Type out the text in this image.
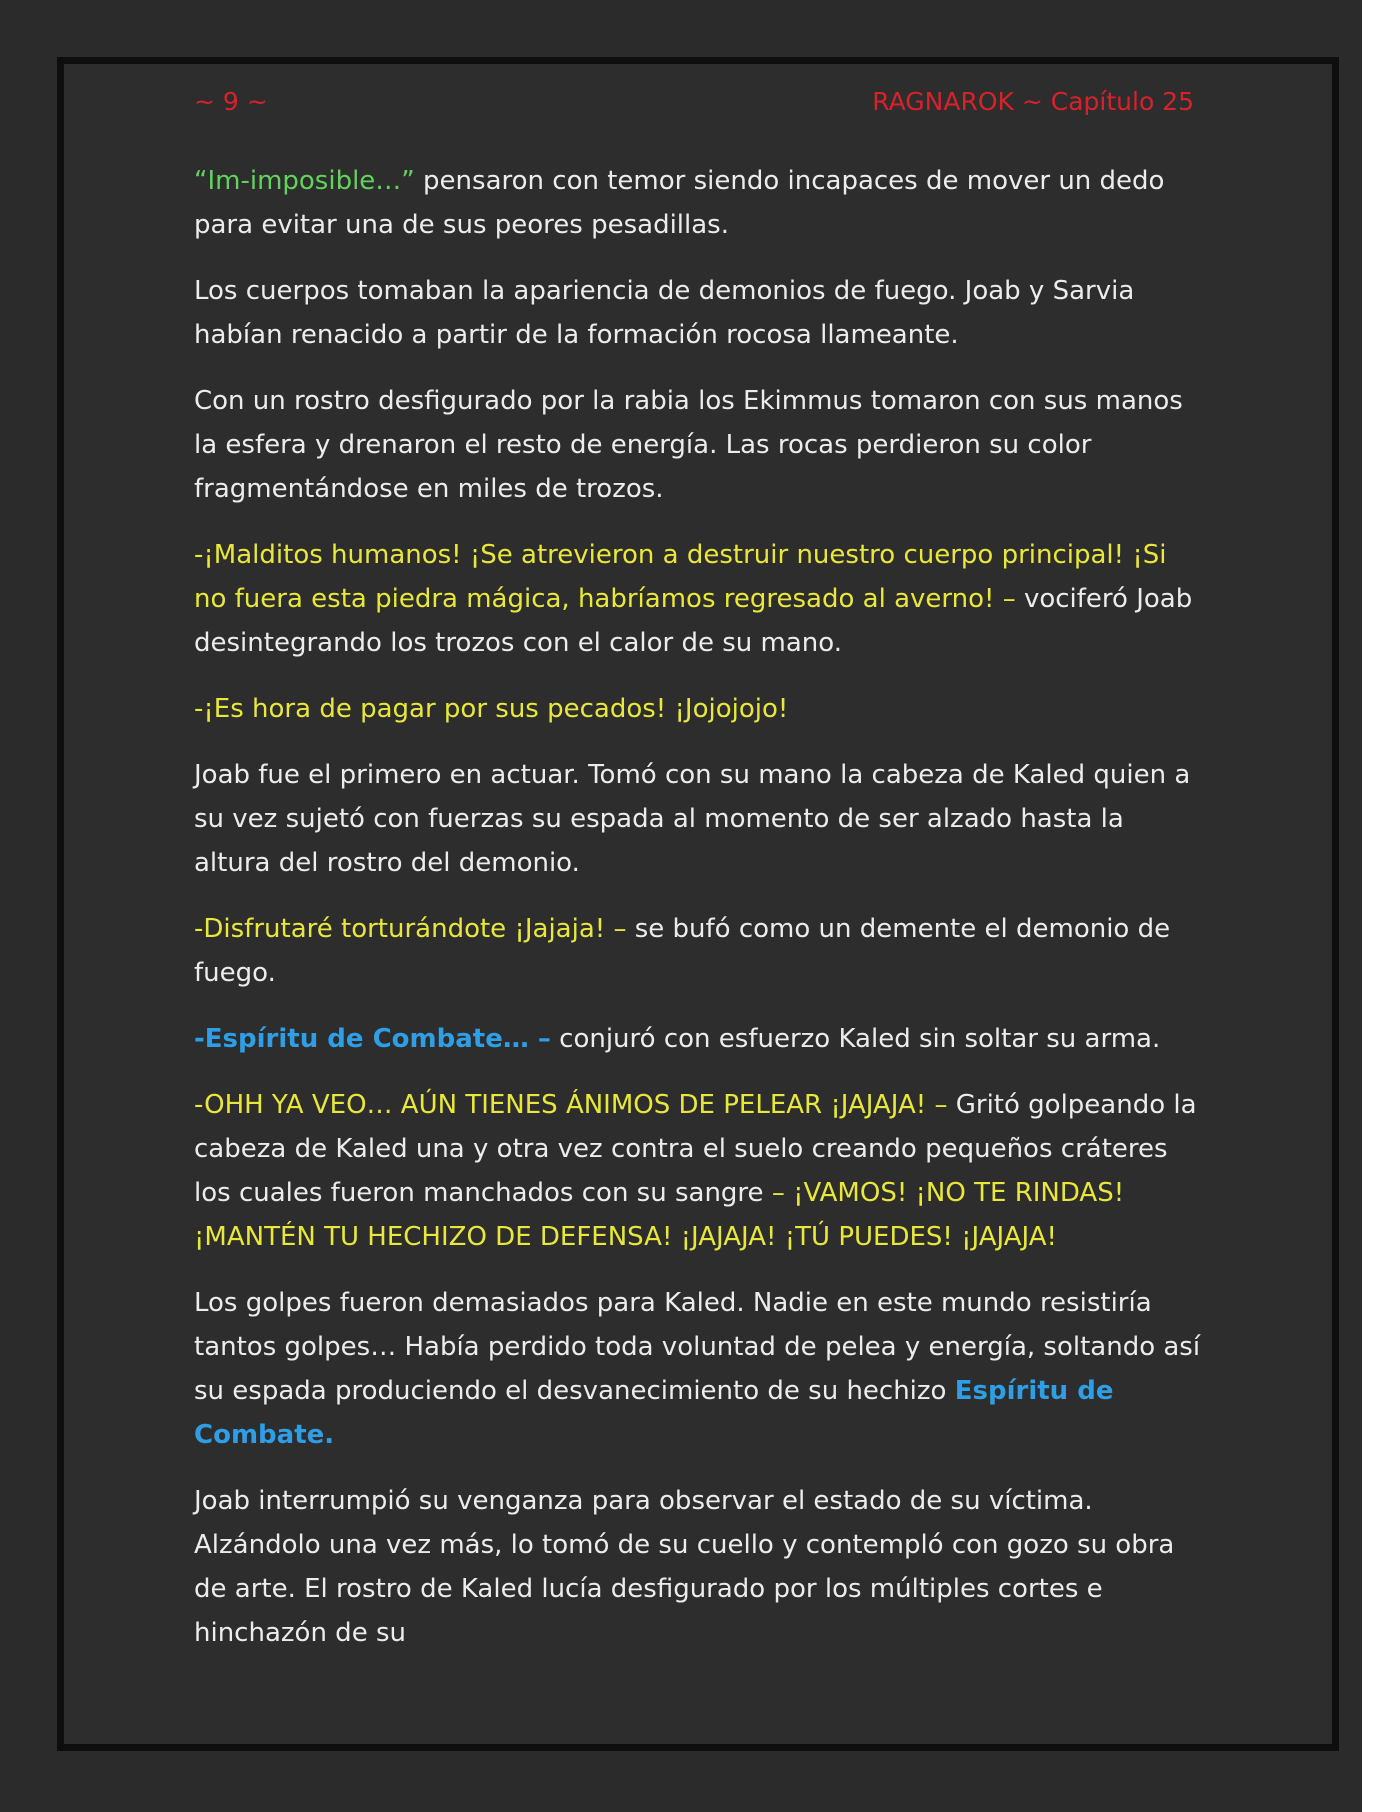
~ 9 ~	RAGNAROK ~ Capítulo 25

“Im-imposible…” pensaron con temor siendo incapaces de mover un dedo para evitar una de sus peores pesadillas.

Los cuerpos tomaban la apariencia de demonios de fuego. Joab y Sarvia habían renacido a partir de la formación rocosa llameante.

Con un rostro desfigurado por la rabia los Ekimmus tomaron con sus manos la esfera y drenaron el resto de energía. Las rocas perdieron su color fragmentándose en miles de trozos.

-¡Malditos humanos! ¡Se atrevieron a destruir nuestro cuerpo principal! ¡Si no fuera esta piedra mágica, habríamos regresado al averno! – vociferó Joab desintegrando los trozos con el calor de su mano.

-¡Es hora de pagar por sus pecados! ¡Jojojojo!

Joab fue el primero en actuar. Tomó con su mano la cabeza de Kaled quien a su vez sujetó con fuerzas su espada al momento de ser alzado hasta la altura del rostro del demonio.

-Disfrutaré torturándote ¡Jajaja! – se bufó como un demente el demonio de fuego.

-Espíritu de Combate… – conjuró con esfuerzo Kaled sin soltar su arma.

-OHH YA VEO… AÚN TIENES ÁNIMOS DE PELEAR ¡JAJAJA! – Gritó golpeando la cabeza de Kaled una y otra vez contra el suelo creando pequeños cráteres los cuales fueron manchados con su sangre – ¡VAMOS! ¡NO TE RINDAS! ¡MANTÉN TU HECHIZO DE DEFENSA! ¡JAJAJA! ¡TÚ PUEDES! ¡JAJAJA!

Los golpes fueron demasiados para Kaled. Nadie en este mundo resistiría tantos golpes… Había perdido toda voluntad de pelea y energía, soltando así su espada produciendo el desvanecimiento de su hechizo Espíritu de Combate.

Joab interrumpió su venganza para observar el estado de su víctima. Alzándolo una vez más, lo tomó de su cuello y contempló con gozo su obra de arte. El rostro de Kaled lucía desfigurado por los múltiples cortes e hinchazón de su
